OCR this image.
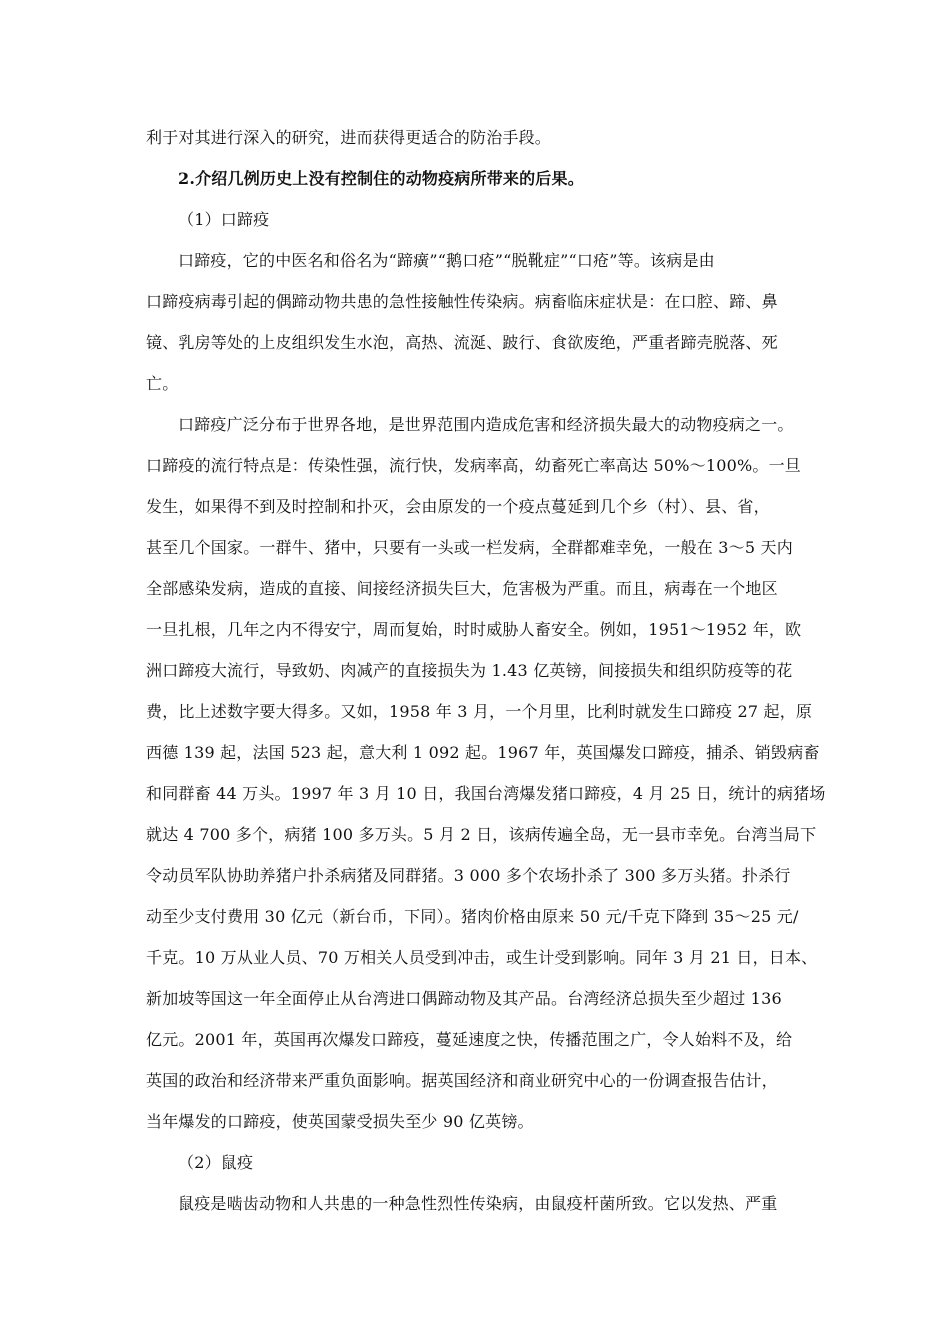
利于对其进行深入的研究，进而获得更适合的防治手段。
2.介绍几例历史上没有控制住的动物疫病所带来的后果。
（1）口蹄疫
口蹄疫，它的中医名和俗名为“蹄癀”“鹅口疮”“脱靴症”“口疮”等。该病是由
口蹄疫病毒引起的偶蹄动物共患的急性接触性传染病。病畜临床症状是：在口腔、蹄、鼻
镜、乳房等处的上皮组织发生水泡，高热、流涎、跛行、食欲废绝，严重者蹄壳脱落、死
亡。
口蹄疫广泛分布于世界各地，是世界范围内造成危害和经济损失最大的动物疫病之一。
口蹄疫的流行特点是：传染性强，流行快，发病率高，幼畜死亡率高达 50%～100%。一旦
发生，如果得不到及时控制和扑灭，会由原发的一个疫点蔓延到几个乡（村）、县、省，
甚至几个国家。一群牛、猪中，只要有一头或一栏发病，全群都难幸免，一般在 3～5 天内
全部感染发病，造成的直接、间接经济损失巨大，危害极为严重。而且，病毒在一个地区
一旦扎根，几年之内不得安宁，周而复始，时时威胁人畜安全。例如，1951～1952 年，欧
洲口蹄疫大流行，导致奶、肉减产的直接损失为 1.43 亿英镑，间接损失和组织防疫等的花
费，比上述数字要大得多。又如，1958 年 3 月，一个月里，比利时就发生口蹄疫 27 起，原
西德 139 起，法国 523 起，意大利 1 092 起。1967 年，英国爆发口蹄疫，捕杀、销毁病畜
和同群畜 44 万头。1997 年 3 月 10 日，我国台湾爆发猪口蹄疫，4 月 25 日，统计的病猪场
就达 4 700 多个，病猪 100 多万头。5 月 2 日，该病传遍全岛，无一县市幸免。台湾当局下
令动员军队协助养猪户扑杀病猪及同群猪。3 000 多个农场扑杀了 300 多万头猪。扑杀行
动至少支付费用 30 亿元（新台币，下同）。猪肉价格由原来 50 元/千克下降到 35～25 元/
千克。10 万从业人员、70 万相关人员受到冲击，或生计受到影响。同年 3 月 21 日，日本、
新加坡等国这一年全面停止从台湾进口偶蹄动物及其产品。台湾经济总损失至少超过 136
亿元。2001 年，英国再次爆发口蹄疫，蔓延速度之快，传播范围之广，令人始料不及，给
英国的政治和经济带来严重负面影响。据英国经济和商业研究中心的一份调查报告估计，
当年爆发的口蹄疫，使英国蒙受损失至少 90 亿英镑。
（2）鼠疫
鼠疫是啮齿动物和人共患的一种急性烈性传染病，由鼠疫杆菌所致。它以发热、严重
